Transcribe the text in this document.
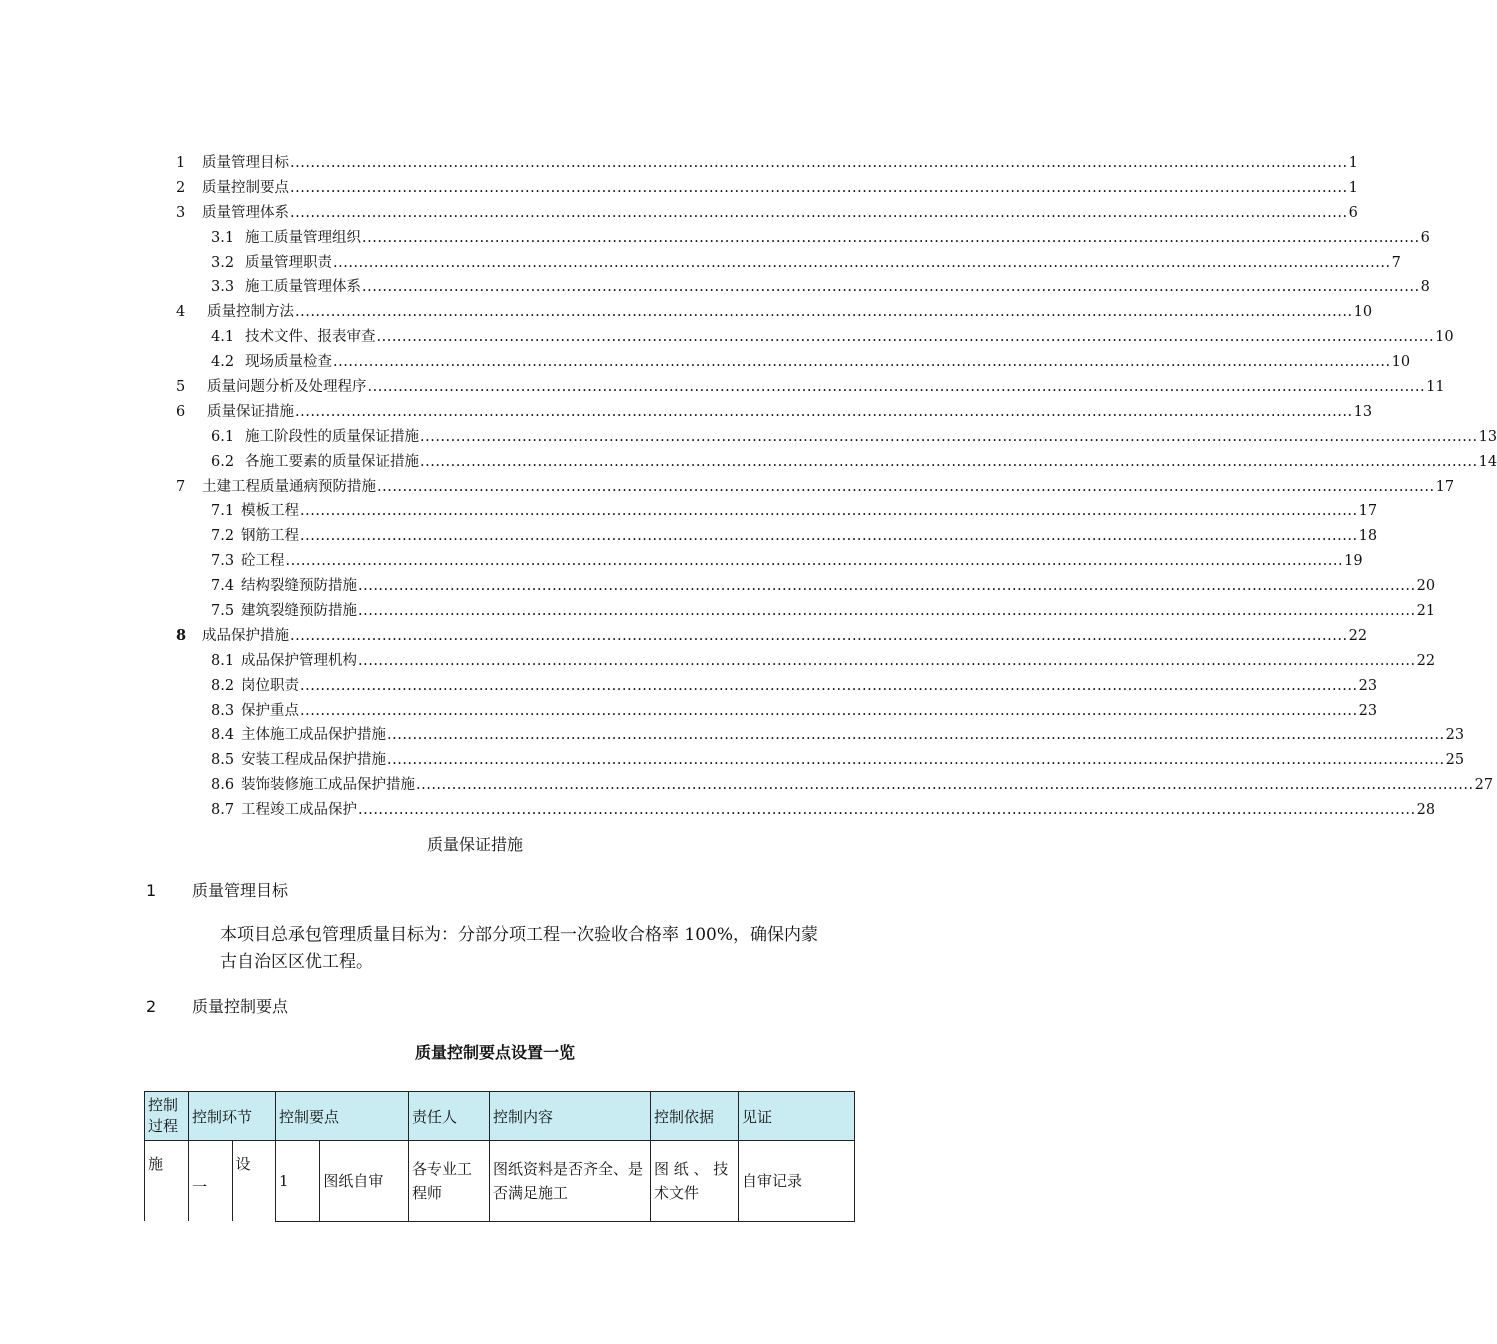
1	质量管理目标 ............................................................................................................................................................................................................... 1
2	质量控制要点 ............................................................................................................................................................................................................... 1
3	质量管理体系 ............................................................................................................................................................................................................... 6
3.1 施工质量管理组织 ............................................................................................................................................................................................................... 6
3.2 质量管理职责 ............................................................................................................................................................................................................... 7
3.3 施工质量管理体系 ............................................................................................................................................................................................................... 8
4	质量控制方法 ............................................................................................................................................................................................................... 10
4.1 技术文件、报表审查 ............................................................................................................................................................................................................... 10
4.2 现场质量检查 ............................................................................................................................................................................................................... 10
5	质量问题分析及处理程序 ............................................................................................................................................................................................................... 11
6	质量保证措施 ............................................................................................................................................................................................................... 13
6.1 施工阶段性的质量保证措施 ............................................................................................................................................................................................................... 13
6.2 各施工要素的质量保证措施 ............................................................................................................................................................................................................... 14
7	土建工程质量通病预防措施 ............................................................................................................................................................................................................... 17
7.1 模板工程 ............................................................................................................................................................................................................... 17
7.2 钢筋工程 ............................................................................................................................................................................................................... 18
7.3 砼工程 ............................................................................................................................................................................................................... 19
7.4 结构裂缝预防措施 ............................................................................................................................................................................................................... 20
7.5 建筑裂缝预防措施 ............................................................................................................................................................................................................... 21
8	成品保护措施 ............................................................................................................................................................................................................... 22
8.1 成品保护管理机构 ............................................................................................................................................................................................................... 22
8.2 岗位职责 ............................................................................................................................................................................................................... 23
8.3 保护重点 ............................................................................................................................................................................................................... 23
8.4 主体施工成品保护措施 ............................................................................................................................................................................................................... 23
8.5 安装工程成品保护措施 ............................................................................................................................................................................................................... 25
8.6 装饰装修施工成品保护措施 ............................................................................................................................................................................................................... 27
8.7 工程竣工成品保护 ............................................................................................................................................................................................................... 28
质量保证措施
1 质量管理目标
本项目总承包管理质量目标为：分部分项工程一次验收合格率 100%，确保内蒙古自治区区优工程。
2 质量控制要点
质量控制要点设置一览
控制过程	控制环节		控制要点		责任人	控制内容	控制依据	见证
施	一	设	1	图纸自审	各专业工程师	图纸资料是否齐全、是否满足施工	图 纸 、 技术文件	自审记录
